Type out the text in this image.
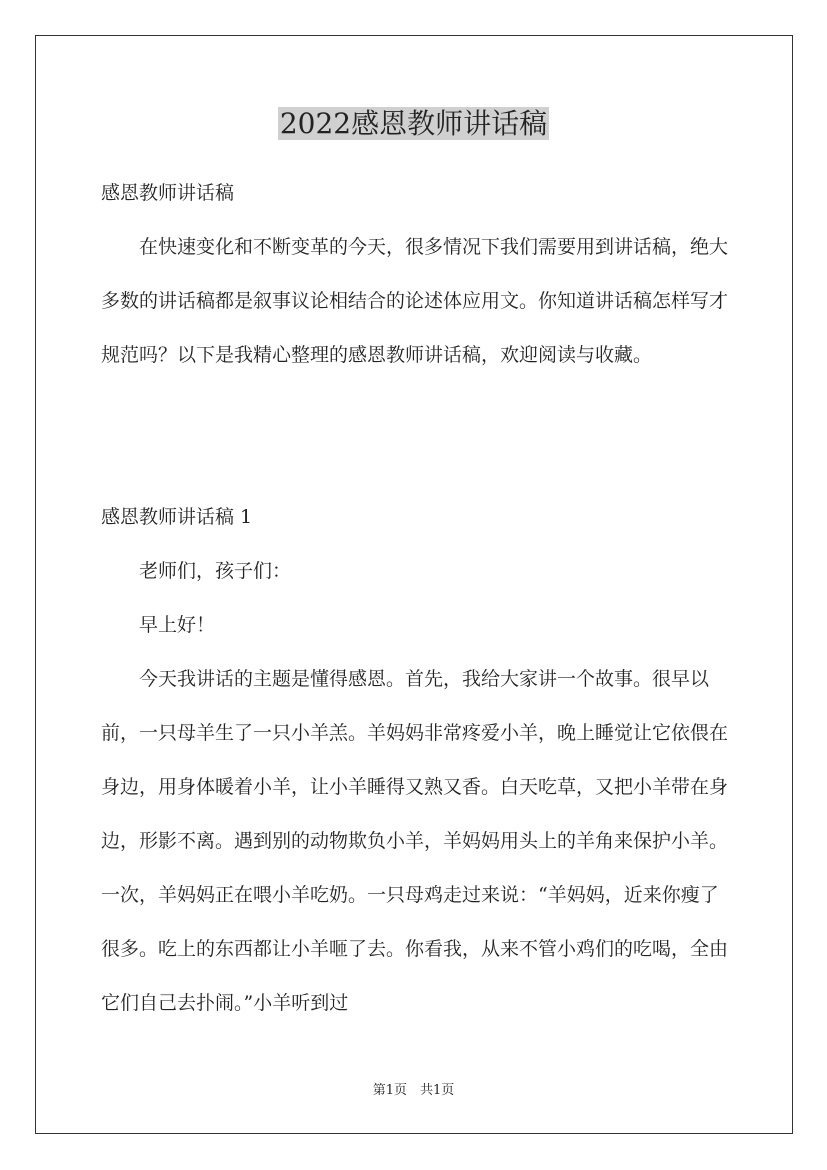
2022感恩教师讲话稿
感恩教师讲话稿
在快速变化和不断变革的今天，很多情况下我们需要用到讲话稿，绝大多数的讲话稿都是叙事议论相结合的论述体应用文。你知道讲话稿怎样写才规范吗？以下是我精心整理的感恩教师讲话稿，欢迎阅读与收藏。
感恩教师讲话稿 1
老师们，孩子们：
早上好！
今天我讲话的主题是懂得感恩。首先，我给大家讲一个故事。很早以前，一只母羊生了一只小羊羔。羊妈妈非常疼爱小羊，晚上睡觉让它依偎在身边，用身体暖着小羊，让小羊睡得又熟又香。白天吃草，又把小羊带在身边，形影不离。遇到别的动物欺负小羊，羊妈妈用头上的羊角来保护小羊。一次，羊妈妈正在喂小羊吃奶。一只母鸡走过来说：“羊妈妈，近来你瘦了很多。吃上的东西都让小羊咂了去。你看我，从来不管小鸡们的吃喝，全由它们自己去扑闹。”小羊听到过
第1页　共1页
